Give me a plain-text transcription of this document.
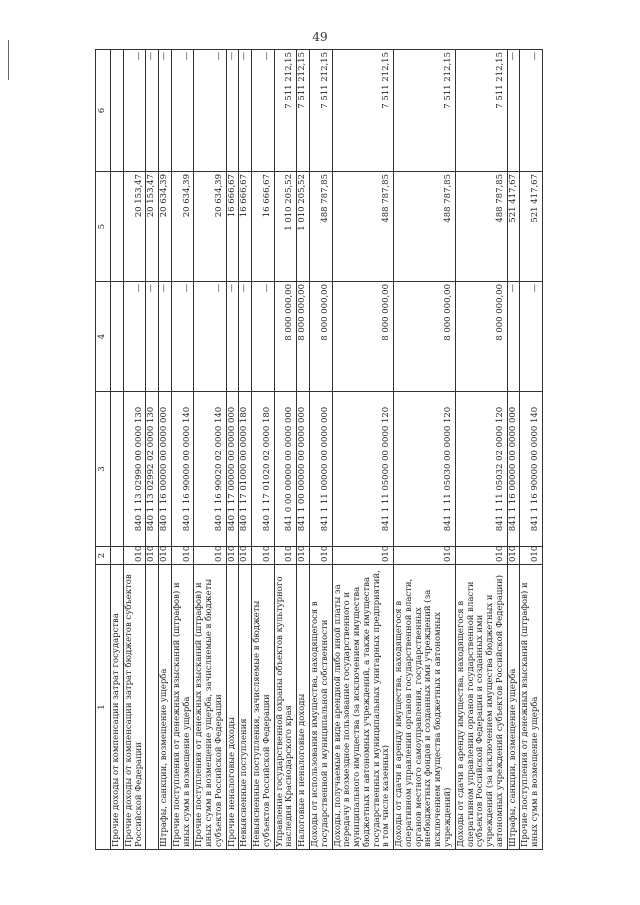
49
1	2	3	4	5	6
Прочие доходы от компенсации затрат государства					
Прочие доходы от компенсации затрат бюджетов субъектов Российской Федерации	010	840 1 13 02990 00 0000 130	—	20 153,47	—
	010	840 1 13 02992 02 0000 130	—	20 153,47	—
Штрафы, санкции, возмещение ущерба	010	840 1 16 00000 00 0000 000	—	20 634,39	—
Прочие поступления от денежных взысканий (штрафов) и иных сумм в возмещение ущерба	010	840 1 16 90000 00 0000 140	—	20 634,39	—
Прочие поступления от денежных взысканий (штрафов) и иных сумм в возмещение ущерба, зачисляемые в бюджеты субъектов Российской Федерации	010	840 1 16 90020 02 0000 140	—	20 634,39	—
Прочие неналоговые доходы	010	840 1 17 00000 00 0000 000	—	16 666,67	—
Невыясненные поступления	010	840 1 17 01000 00 0000 180	—	16 666,67	—
Невыясненные поступления, зачисляемые в бюджеты субъектов Российской Федерации	010	840 1 17 01020 02 0000 180	—	16 666,67	—
Управление государственной охраны объектов культурного наследия Краснодарского края	010	841 0 00 00000 00 0000 000	8 000 000,00	1 010 205,52	7 511 212,15
Налоговые и неналоговые доходы	010	841 1 00 00000 00 0000 000	8 000 000,00	1 010 205,52	7 511 212,15
Доходы от использования имущества, находящегося в государственной и муниципальной собственности	010	841 1 11 00000 00 0000 000	8 000 000,00	488 787,85	7 511 212,15
Доходы, получаемые в виде арендной либо иной платы за передачу в возмездное пользование государственного и муниципального имущества (за исключением имущества бюджетных и автономных учреждений, а также имущества государственных и муниципальных унитарных предприятий, в том числе казенных)	010	841 1 11 05000 00 0000 120	8 000 000,00	488 787,85	7 511 212,15
Доходы от сдачи в аренду имущества, находящегося в оперативном управлении органов государственной власти, органов местного самоуправления, государственных внебюджетных фондов и созданных ими учреждений (за исключением имущества бюджетных и автономных учреждений)	010	841 1 11 05030 00 0000 120	8 000 000,00	488 787,85	7 511 212,15
Доходы от сдачи в аренду имущества, находящегося в оперативном управлении органов государственной власти субъектов Российской Федерации и созданных ими учреждений (за исключением имущества бюджетных и автономных учреждений субъектов Российской Федерации)	010	841 1 11 05032 02 0000 120	8 000 000,00	488 787,85	7 511 212,15
Штрафы, санкции, возмещение ущерба	010	841 1 16 00000 00 0000 000	—	521 417,67	—
Прочие поступления от денежных взысканий (штрафов) и иных сумм в возмещение ущерба	010	841 1 16 90000 00 0000 140	—	521 417,67	—
